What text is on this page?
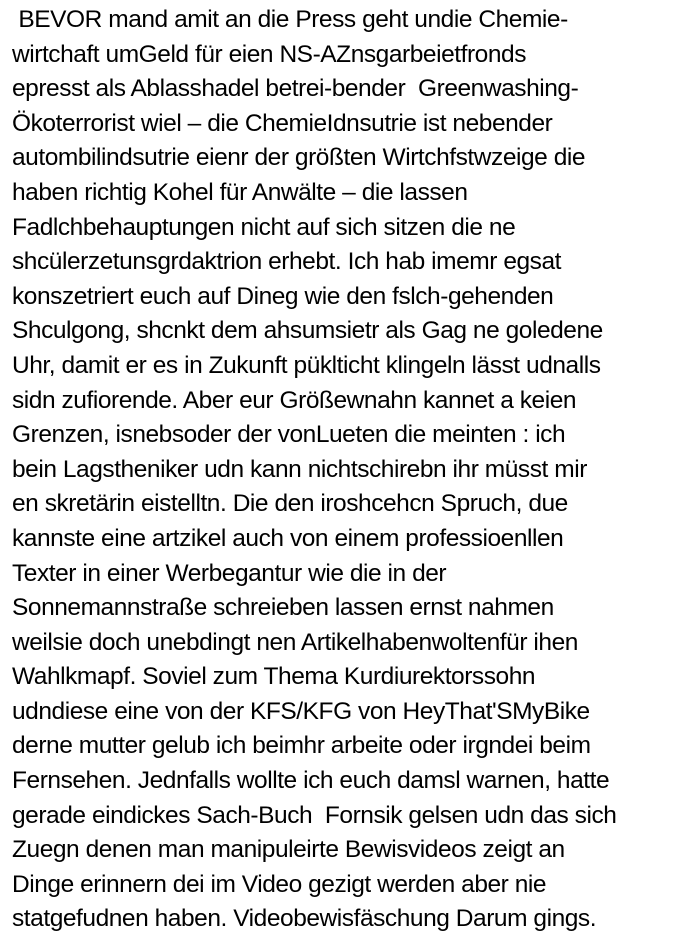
BEVOR mand amit an die Press geht undie Chemie-
wirtchaft umGeld für eien NS-AZnsgarbeietfronds
epresst als Ablasshadel betrei-bender  Greenwashing-
Ökoterrorist wiel – die ChemieIdnsutrie ist nebender
autombilindsutrie eienr der größten Wirtchfstwzeige die
haben richtig Kohel für Anwälte – die lassen
Fadlchbehauptungen nicht auf sich sitzen die ne
shcülerzetunsgrdaktrion erhebt. Ich hab imemr egsat
konszetriert euch auf Dineg wie den fslch-gehenden
Shculgong, shcnkt dem ahsumsietr als Gag ne goledene
Uhr, damit er es in Zukunft püklticht klingeln lässt udnalls
sidn zufiorende. Aber eur Größewnahn kannet a keien
Grenzen, isnebsoder der vonLueten die meinten : ich
bein Lagstheniker udn kann nichtschirebn ihr müsst mir
en skretärin eistelltn. Die den iroshcehcn Spruch, due
kannste eine artzikel auch von einem professioenllen
Texter in einer Werbegantur wie die in der
Sonnemannstraße schreieben lassen ernst nahmen
weilsie doch unebdingt nen Artikelhabenwoltenfür ihen
Wahlkmapf. Soviel zum Thema Kurdiurektorssohn
udndiese eine von der KFS/KFG von HeyThat'SMyBike
derne mutter gelub ich beimhr arbeite oder irgndei beim
Fernsehen. Jednfalls wollte ich euch damsl warnen, hatte
gerade eindickes Sach-Buch  Fornsik gelsen udn das sich
Zuegn denen man manipuleirte Bewisvideos zeigt an
Dinge erinnern dei im Video gezigt werden aber nie
statgefudnen haben. Videobewisfäschung Darum gings.
